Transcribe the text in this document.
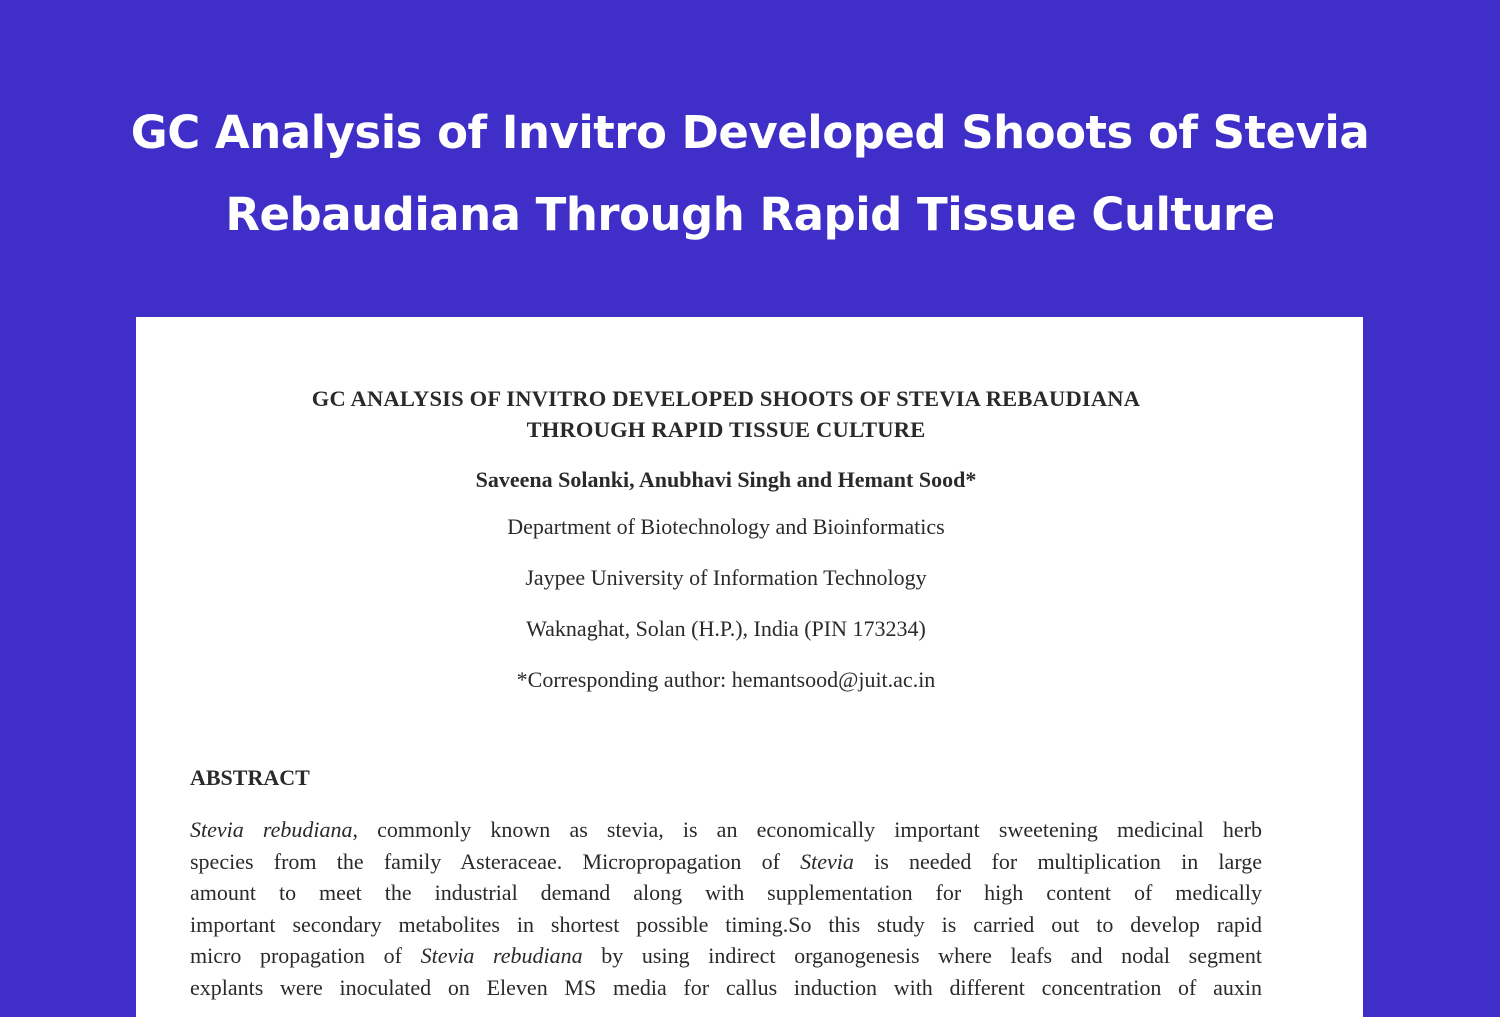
GC Analysis of Invitro Developed Shoots of Stevia
Rebaudiana Through Rapid Tissue Culture
GC ANALYSIS OF INVITRO DEVELOPED SHOOTS OF STEVIA REBAUDIANA
THROUGH RAPID TISSUE CULTURE
Saveena Solanki, Anubhavi Singh and Hemant Sood*
Department of Biotechnology and Bioinformatics
Jaypee University of Information Technology
Waknaghat, Solan (H.P.), India (PIN 173234)
*Corresponding author: hemantsood@juit.ac.in
ABSTRACT
Stevia rebudiana, commonly known as stevia, is an economically important sweetening medicinal herb
species from the family Asteraceae. Micropropagation of Stevia is needed for multiplication in large
amount to meet the industrial demand along with supplementation for high content of medically
important secondary metabolites in shortest possible timing.So this study is carried out to develop rapid
micro propagation of Stevia rebudiana by using indirect organogenesis where leafs and nodal segment
explants were inoculated on Eleven MS media for callus induction with different concentration of auxin
